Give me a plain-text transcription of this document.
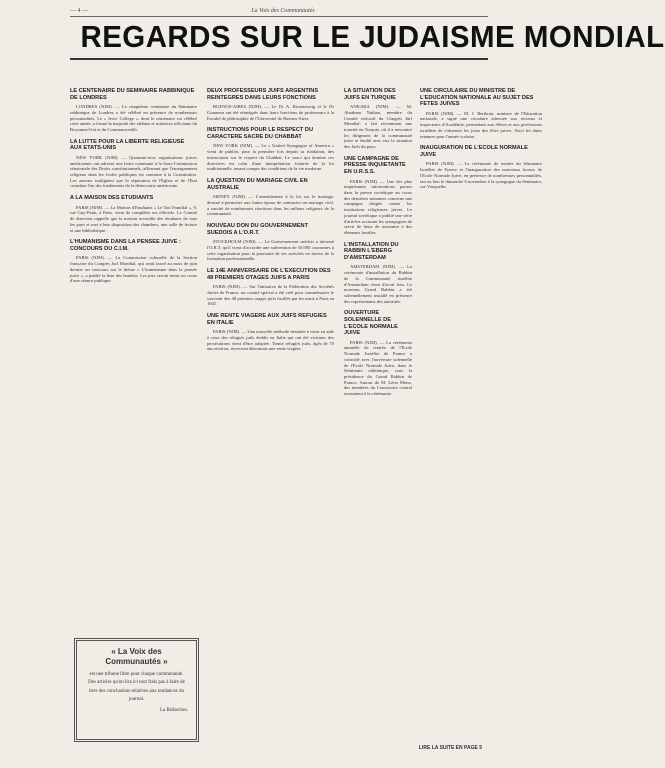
— 4 —	La Voix des Communautés
REGARDS SUR LE JUDAISME MONDIAL
LE CENTENAIRE DU SEMINAIRE RABBINIQUE DE LONDRES

LONDRES (NJM). — Le cinquième centenaire du Séminaire rabbinique de Londres a été célébré en présence de nombreuses personnalités. Le « Jews' College », dont le centenaire est célébré cette année, a formé la majorité des rabbins et ministres officiants du Royaume-Uni et du Commonwealth.

LA LUTTE POUR LA LIBERTE RELIGIEUSE AUX ETATS-UNIS

NEW YORK (NJM). — Quarante-trois organisations juives américaines ont adressé une lettre commune à la Sous-Commission sénatoriale des Droits constitutionnels, affirmant que l'enseignement religieux dans les écoles publiques est contraire à la Constitution. Les auteurs soulignent que la séparation de l'Eglise et de l'Etat constitue l'un des fondements de la démocratie américaine.

A LA MAISON DES ETUDIANTS

PARIS (NJM). — La Maison d'Etudiants « Le Toit Familial », 9, rue Guy-Patin, à Paris, vient de compléter ses effectifs. Le Comité de direction rappelle que la maison accueille des étudiants de tous les pays et met à leur disposition des chambres, une salle de lecture et une bibliothèque.

L'HUMANISME DANS LA PENSEE JUIVE : CONCOURS DU C.I.M.

PARIS (NJM). — La Commission culturelle de la Section française du Congrès Juif Mondial, qui avait lancé au mois de juin dernier un concours sur le thème « L'humanisme dans la pensée juive », a publié la liste des lauréats. Les prix seront remis au cours d'une séance publique.

« La Voix des Communautés »
est une tribune libre pour chaque communauté. Des articles qu'on lira ici tout frais pas à faire de tirer des conclusions relatives aux tendances du journal.
La Rédaction.
DEUX PROFESSEURS JUIFS ARGENTINS REINTEGRES DANS LEURS FONCTIONS

BUENOS-AIRES (NJM). — Le Dr A. Rosenzweig et le Dr Guarnera ont été réintégrés dans leurs fonctions de professeurs à la Faculté de philosophie de l'Université de Buenos-Aires.

INSTRUCTIONS POUR LE RESPECT DU CARACTERE SACRE DU CHABBAT

NEW YORK (NJM). — Le « United Synagogue of America » vient de publier, pour la première fois depuis sa fondation, des instructions sur le respect du Chabbat. Le souci qui domine ces directives est celui d'une interprétation éclairée de la loi traditionnelle, tenant compte des conditions de la vie moderne.

LA QUESTION DU MARIAGE CIVIL EN AUSTRALIE

SIDNEY (NJM). — L'amendement à la loi sur le mariage, destiné à permettre aux futurs époux de contracter un mariage civil, a suscité de nombreuses réactions dans les milieux religieux de la communauté.

NOUVEAU DON DU GOUVERNEMENT SUEDOIS A L'O.R.T.

STOCKHOLM (NJM). — Le Gouvernement suédois a informé l'O.R.T. qu'il vient d'accorder une subvention de 50.000 couronnes à cette organisation pour la poursuite de ses activités en faveur de la formation professionnelle.

LE 14E ANNIVERSAIRE DE L'EXECUTION DES 48 PREMIERS OTAGES JUIFS A PARIS

PARIS (NJM). — Sur l'initiative de la Fédération des Sociétés Juives de France, un comité spécial a été créé pour commémorer le souvenir des 48 premiers otages juifs fusillés par les nazis à Paris en 1941.

UNE RENTE VIAGERE AUX JUIFS REFUGIES EN ITALIE

PARIS (NJM). — Une nouvelle méthode destinée à venir en aide à ceux des réfugiés juifs établis en Italie qui ont été victimes des persécutions vient d'être adoptée. Trente réfugiés juifs, âgés de 70 ans environ, recevront désormais une rente viagère.

LA SITUATION DES JUIFS EN TURQUIE

ANKARA (NJM). — M. Abraham Nathan, membre du Comité exécutif du Congrès Juif Mondial, a fait récemment une tournée en Turquie, où il a rencontré les dirigeants de la communauté juive et étudié avec eux la situation des Juifs du pays.

UNE CAMPAGNE DE PRESSE INQUIETANTE EN U.R.S.S.

PARIS (NJM). — Une des plus inquiétantes informations parues dans la presse soviétique au cours des dernières semaines concerne une campagne dirigée contre les institutions religieuses juives. Le journal soviétique a publié une série d'articles accusant les synagogues de servir de lieux de rencontre à des éléments hostiles.

L'INSTALLATION DU RABBIN L'EBERG D'AMSTERDAM

AMSTERDAM (NJM). — La cérémonie d'installation du Rabbin de la Communauté israélite d'Amsterdam vient d'avoir lieu. Le nouveau Grand Rabbin a été solennellement installé en présence des représentants des autorités.

OUVERTURE SOLENNELLE DE L'ECOLE NORMALE JUIVE

PARIS (NJM). — La cérémonie annuelle de rentrée de l'Ecole Normale Israélite de France a coïncidé avec l'ouverture solennelle de l'Ecole Normale Juive, dans le Séminaire rabbinique, sous la présidence du Grand Rabbin de France. Autour de M. Léon Meiss, des membres du Consistoire central assistaient à la cérémonie.

UNE CIRCULAIRE DU MINISTRE DE L'EDUCATION NATIONALE AU SUJET DES FETES JUIVES

PARIS (NJM). — M. J. Berthoin, ministre de l'Education nationale, a signé une circulaire adressée aux recteurs et inspecteurs d'Académie, permettant aux élèves et aux professeurs israélites de s'absenter les jours des fêtes juives. Voici les dates retenues pour l'année scolaire.

INAUGURATION DE L'ECOLE NORMALE JUIVE

PARIS (NJM). — La cérémonie de rentrée du Séminaire Israélite de France et l'inauguration des nouveaux locaux de l'Ecole Normale Juive, en présence de nombreuses personnalités, ont eu lieu le dimanche 6 novembre à la synagogue du Séminaire, rue Vauquelin.

LIRE LA SUITE EN PAGE 5
